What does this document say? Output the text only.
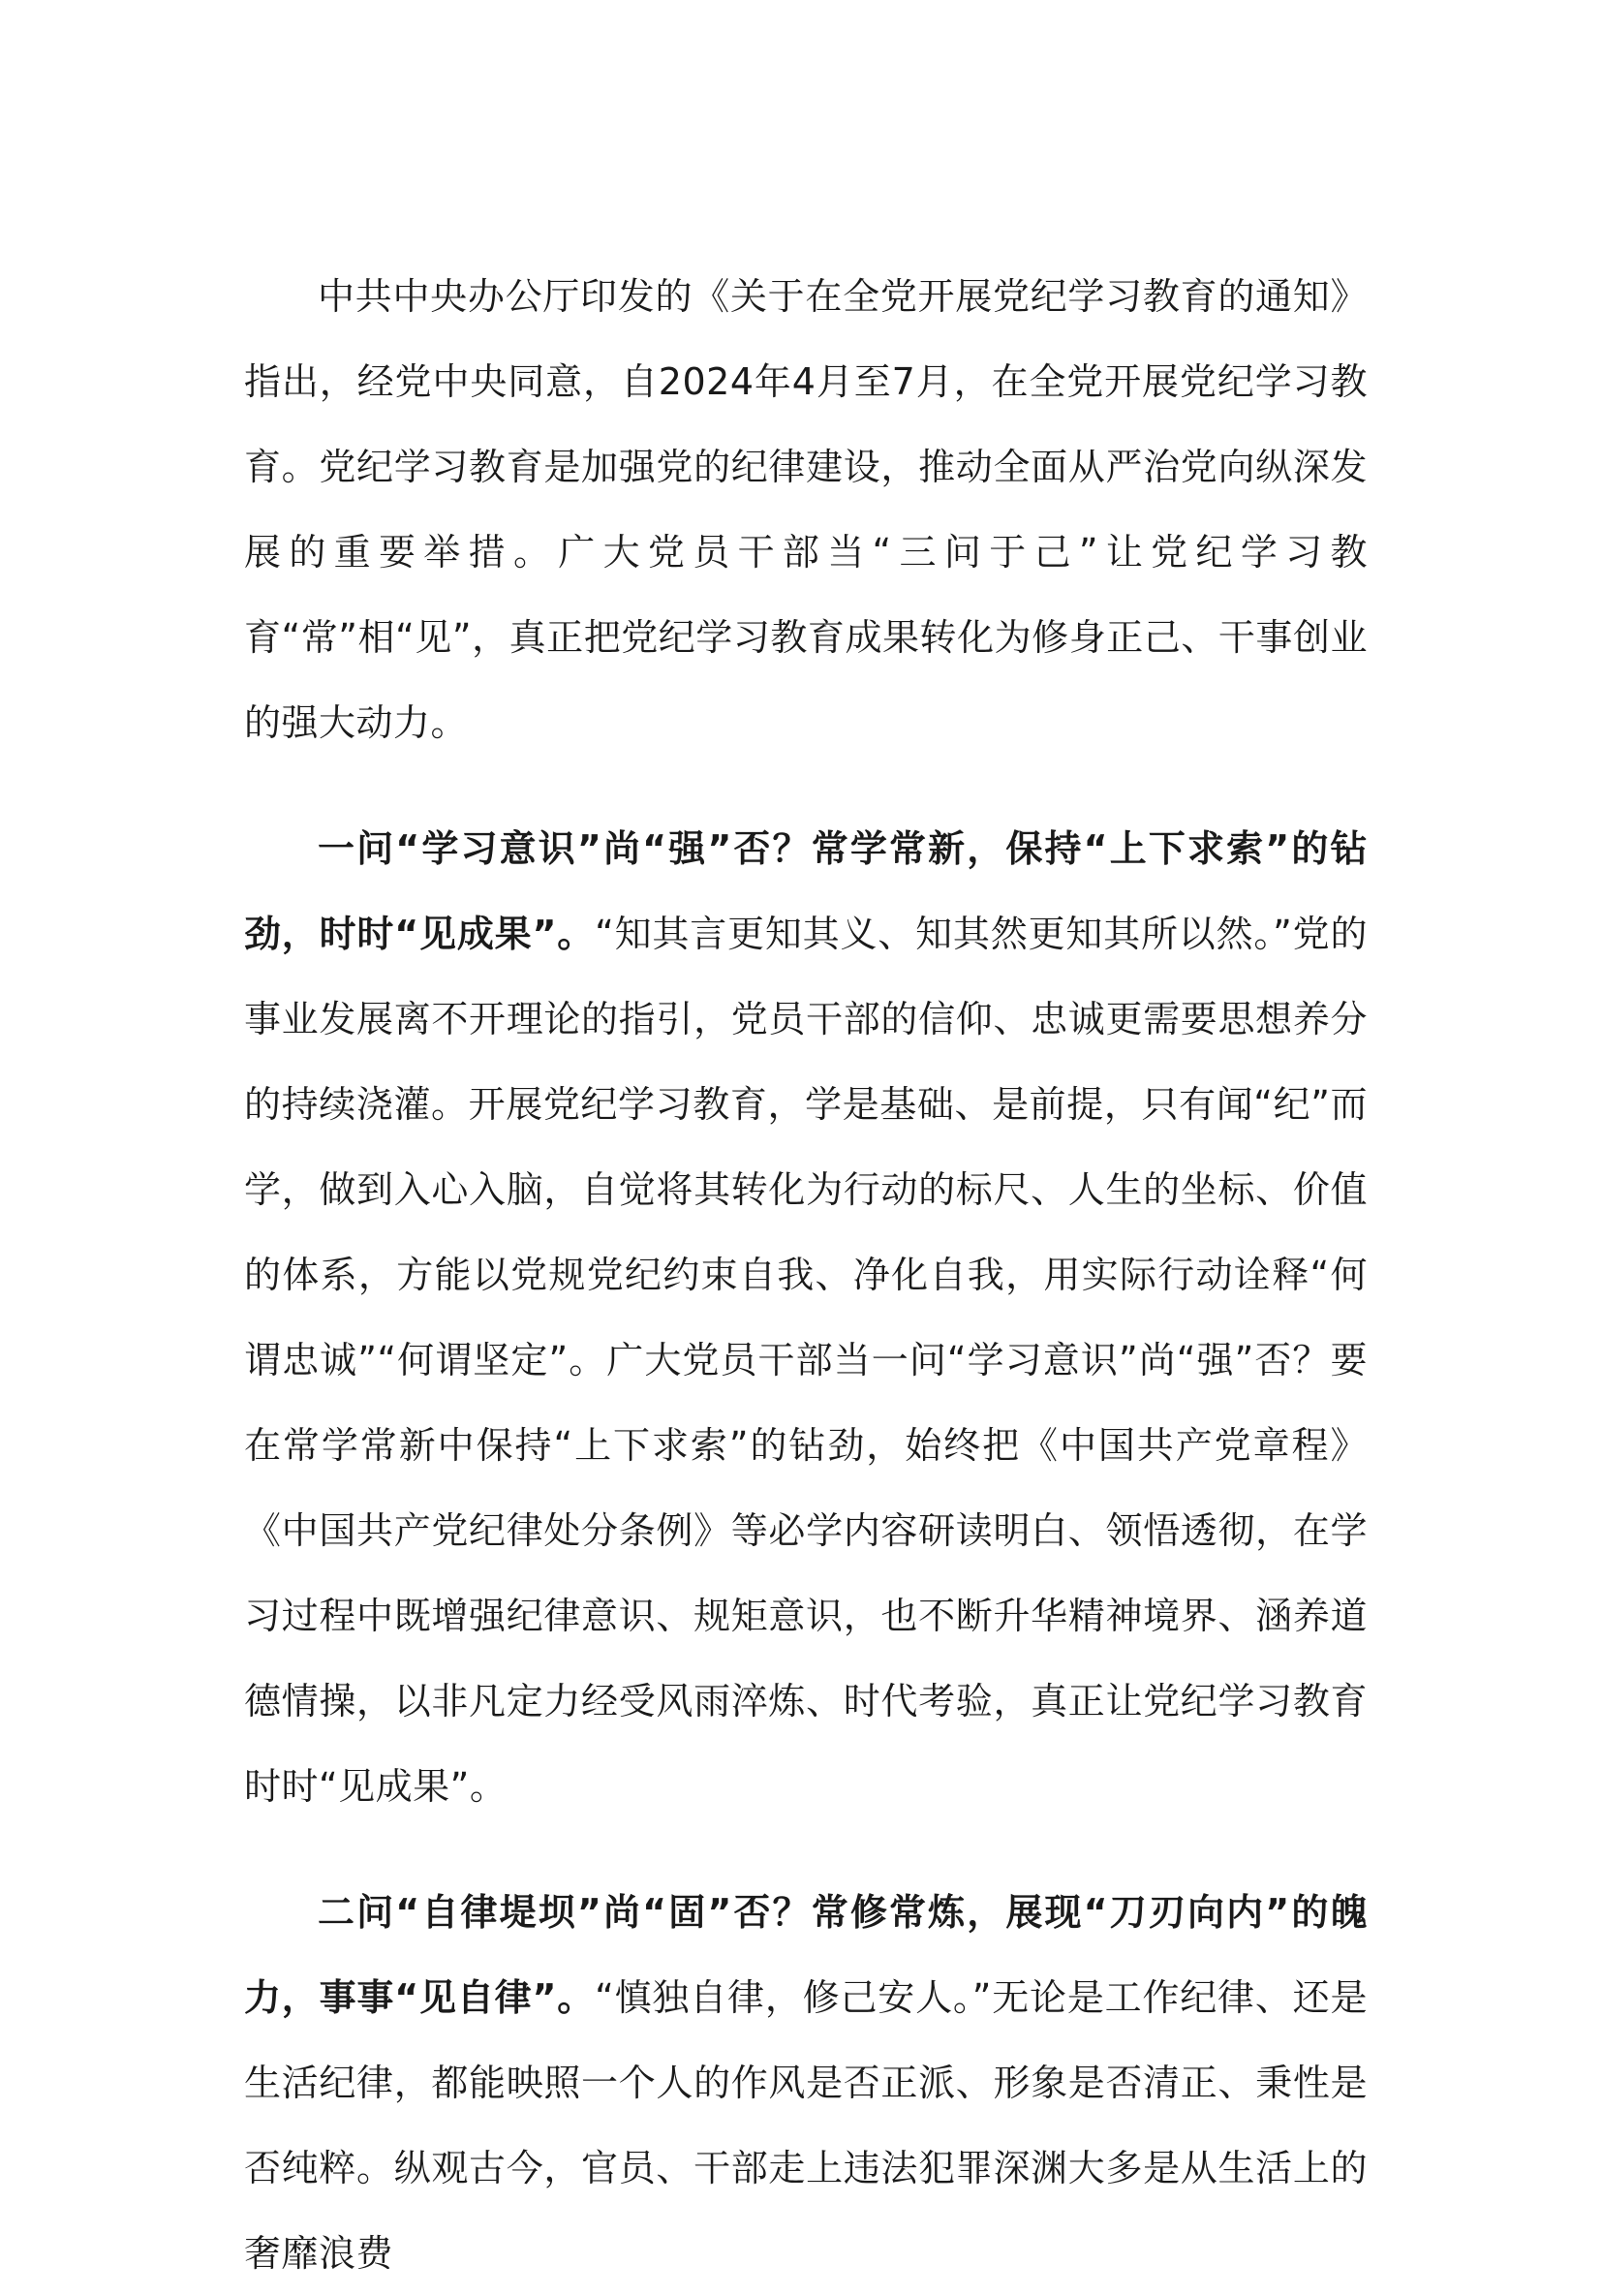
中共中央办公厅印发的《关于在全党开展党纪学习教育的通知》指出，经党中央同意，自2024年4月至7月，在全党开展党纪学习教育。党纪学习教育是加强党的纪律建设，推动全面从严治党向纵深发展的重要举措。广大党员干部当“三问于己”让党纪学习教育“常”相“见”，真正把党纪学习教育成果转化为修身正己、干事创业的强大动力。

一问“学习意识”尚“强”否？常学常新，保持“上下求索”的钻劲，时时“见成果”。“知其言更知其义、知其然更知其所以然。”党的事业发展离不开理论的指引，党员干部的信仰、忠诚更需要思想养分的持续浇灌。开展党纪学习教育，学是基础、是前提，只有闻“纪”而学，做到入心入脑，自觉将其转化为行动的标尺、人生的坐标、价值的体系，方能以党规党纪约束自我、净化自我，用实际行动诠释“何谓忠诚”“何谓坚定”。广大党员干部当一问“学习意识”尚“强”否？要在常学常新中保持“上下求索”的钻劲，始终把《中国共产党章程》《中国共产党纪律处分条例》等必学内容研读明白、领悟透彻，在学习过程中既增强纪律意识、规矩意识，也不断升华精神境界、涵养道德情操，以非凡定力经受风雨淬炼、时代考验，真正让党纪学习教育时时“见成果”。

二问“自律堤坝”尚“固”否？常修常炼，展现“刀刃向内”的魄力，事事“见自律”。“慎独自律，修己安人。”无论是工作纪律、还是生活纪律，都能映照一个人的作风是否正派、形象是否清正、秉性是否纯粹。纵观古今，官员、干部走上违法犯罪深渊大多是从生活上的奢靡浪费
